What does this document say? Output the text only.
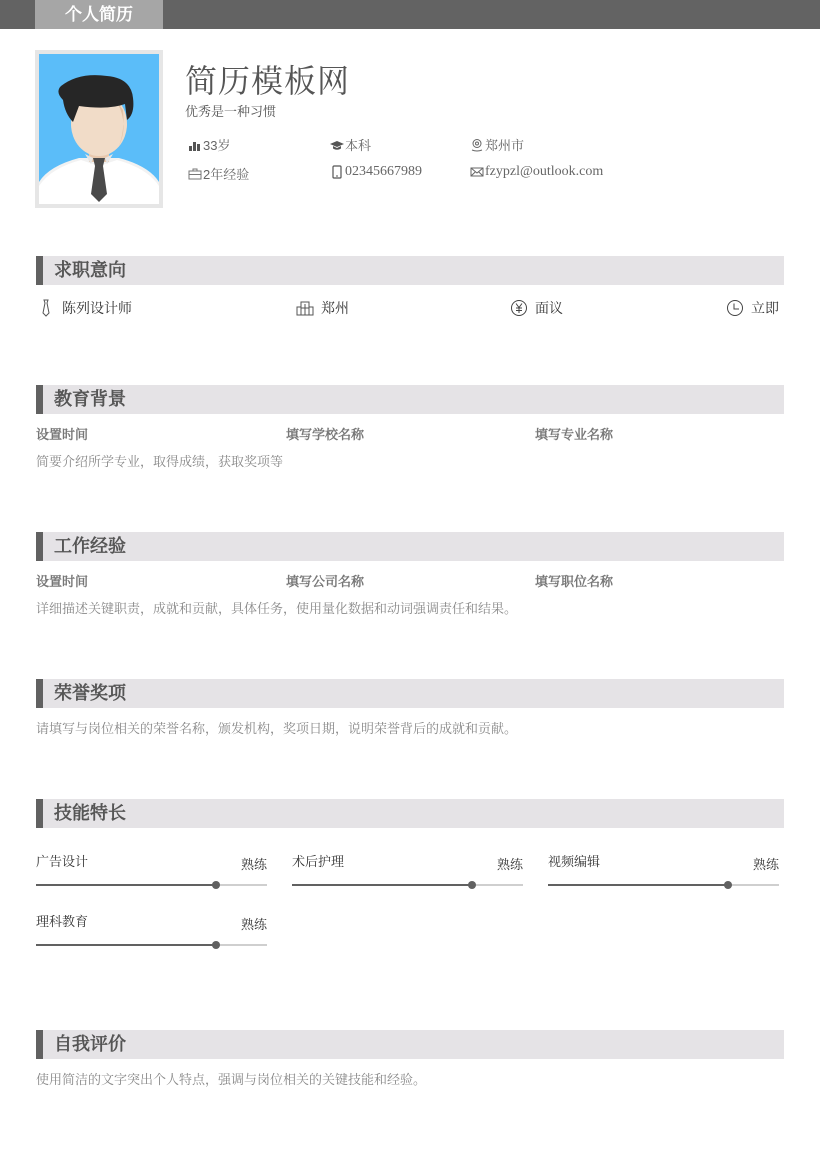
个人简历
简历模板网
优秀是一种习惯
33岁	本科	郑州市
2年经验	02345667989	fzypzl@outlook.com
求职意向
陈列设计师	郑州	面议	立即
教育背景
设置时间	填写学校名称	填写专业名称
简要介绍所学专业，取得成绩，获取奖项等
工作经验
设置时间	填写公司名称	填写职位名称
详细描述关键职责，成就和贡献，具体任务，使用量化数据和动词强调责任和结果。
荣誉奖项
请填写与岗位相关的荣誉名称，颁发机构，奖项日期，说明荣誉背后的成就和贡献。
技能特长
广告设计	熟练 术后护理	熟练 视频编辑	熟练
理科教育	熟练
自我评价
使用简洁的文字突出个人特点，强调与岗位相关的关键技能和经验。
